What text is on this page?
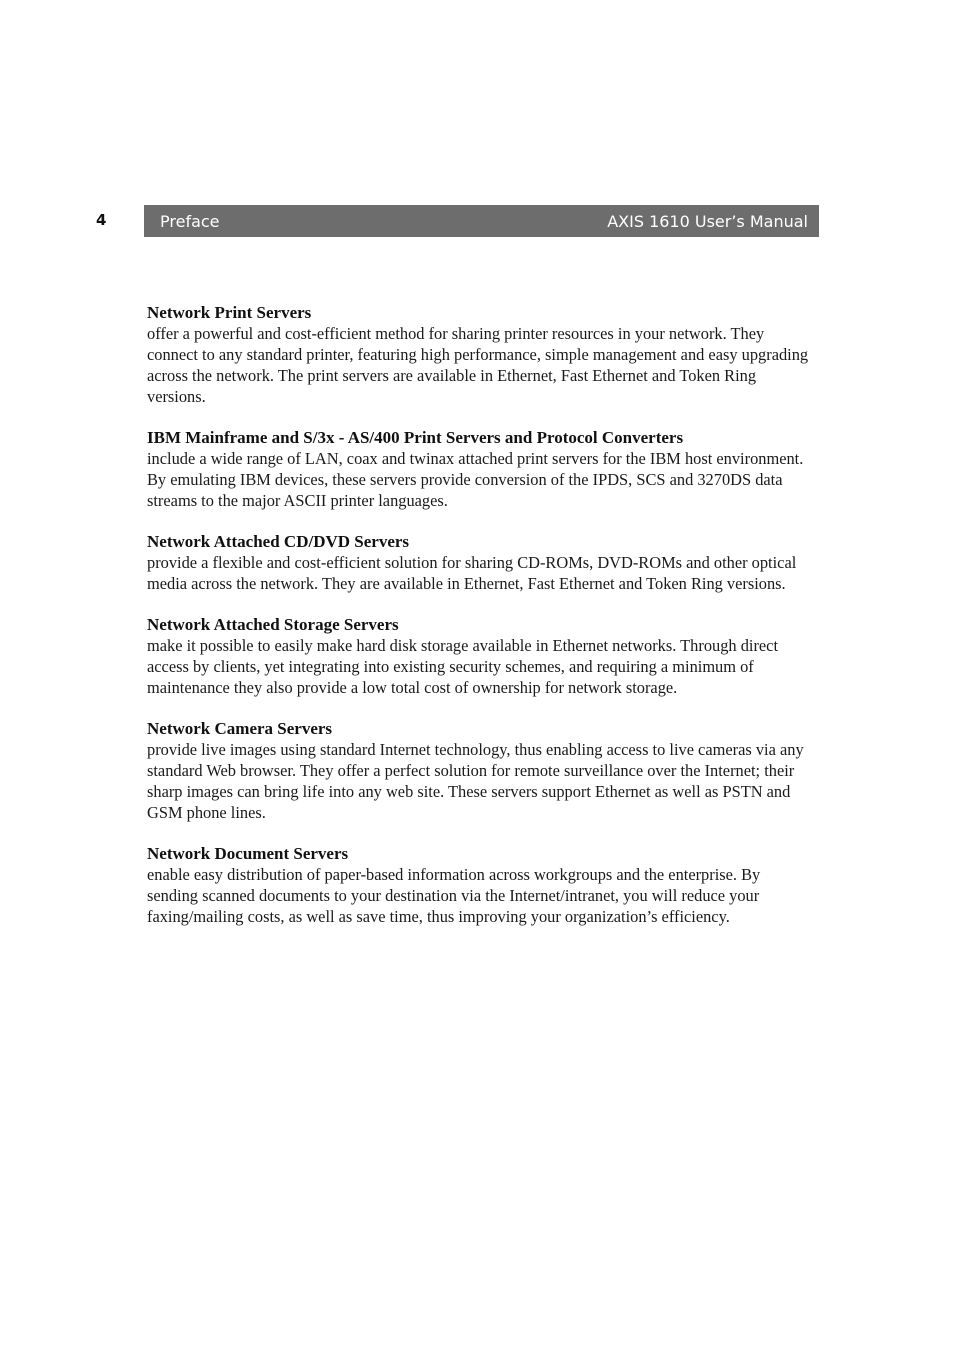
4	Preface	AXIS 1610 User’s Manual
Network Print Servers

offer a powerful and cost-efficient method for sharing printer resources in your network. They connect to any standard printer, featuring high performance, simple management and easy upgrading across the network. The print servers are available in Ethernet, Fast Ethernet and Token Ring versions.

IBM Mainframe and S/3x - AS/400 Print Servers and Protocol Converters

include a wide range of LAN, coax and twinax attached print servers for the IBM host environment. By emulating IBM devices, these servers provide conversion of the IPDS, SCS and 3270DS data streams to the major ASCII printer languages.

Network Attached CD/DVD Servers

provide a flexible and cost-efficient solution for sharing CD-ROMs, DVD-ROMs and other optical media across the network. They are available in Ethernet, Fast Ethernet and Token Ring versions.

Network Attached Storage Servers

make it possible to easily make hard disk storage available in Ethernet networks. Through direct access by clients, yet integrating into existing security schemes, and requiring a minimum of maintenance they also provide a low total cost of ownership for network storage.

Network Camera Servers

provide live images using standard Internet technology, thus enabling access to live cameras via any standard Web browser. They offer a perfect solution for remote surveillance over the Internet; their sharp images can bring life into any web site. These servers support Ethernet as well as PSTN and GSM phone lines.

Network Document Servers

enable easy distribution of paper-based information across workgroups and the enterprise. By sending scanned documents to your destination via the Internet/intranet, you will reduce your faxing/mailing costs, as well as save time, thus improving your organization’s efficiency.
